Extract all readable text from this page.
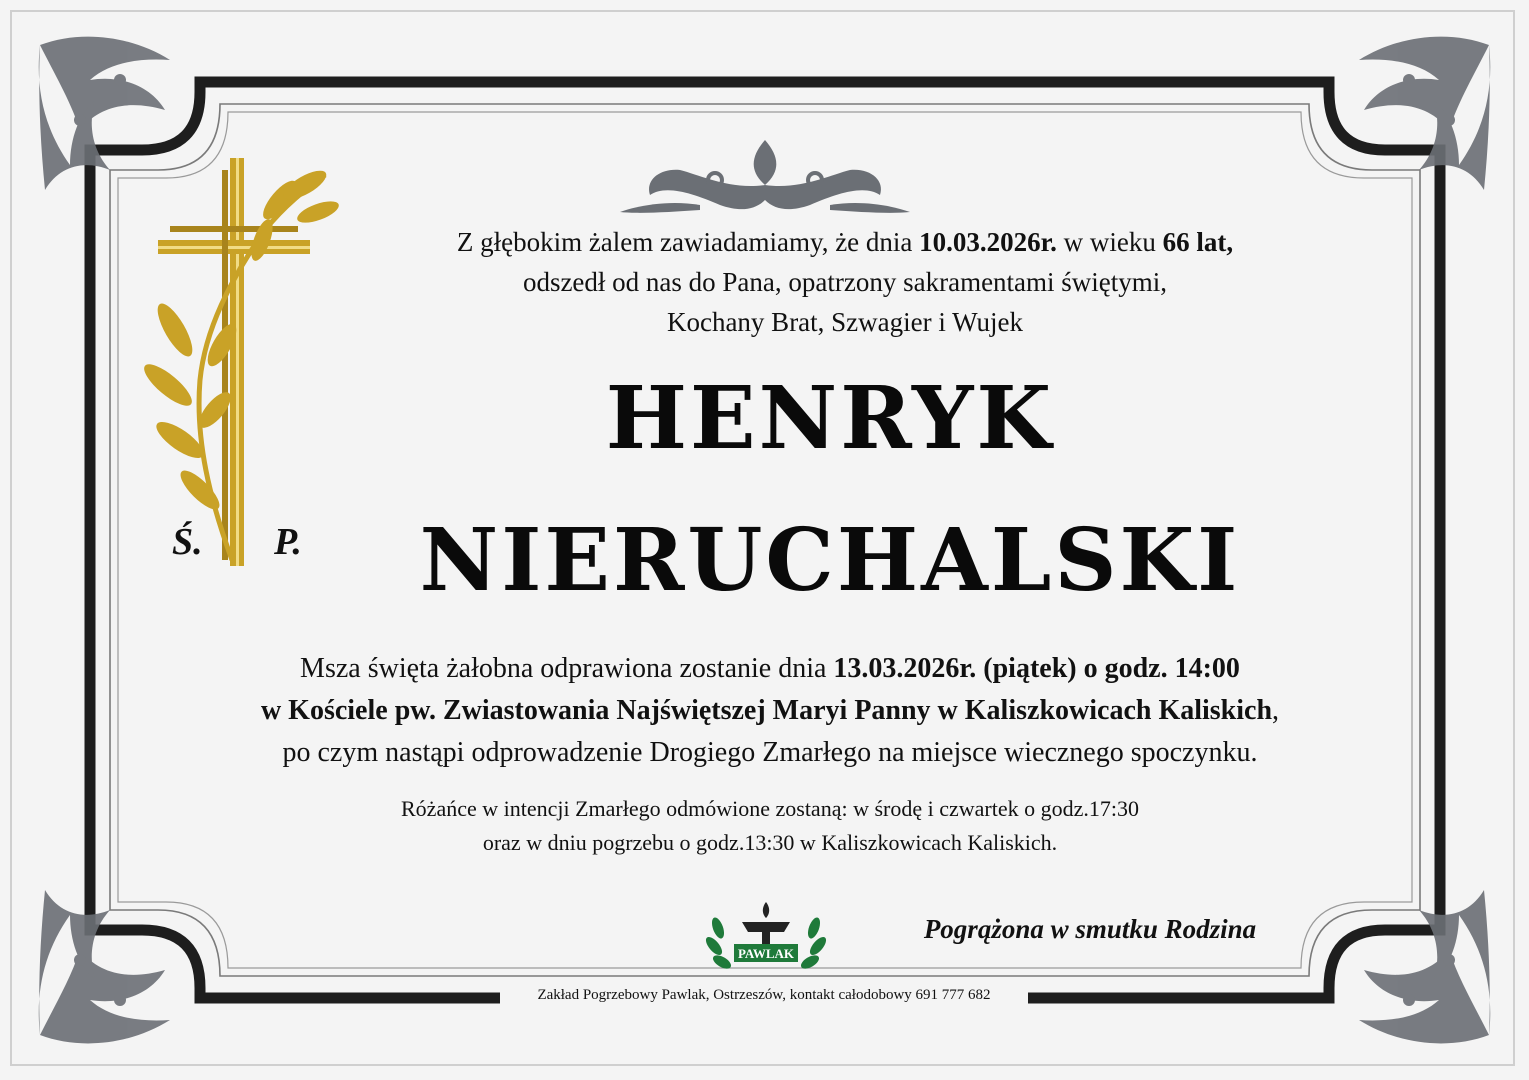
Z głębokim żalem zawiadamiamy, że dnia 10.03.2026r. w wieku 66 lat,
odszedł od nas do Pana, opatrzony sakramentami świętymi,
Kochany Brat, Szwagier i Wujek
Ś. P.
HENRYK
NIERUCHALSKI
Msza święta żałobna odprawiona zostanie dnia 13.03.2026r. (piątek) o godz. 14:00
w Kościele pw. Zwiastowania Najświętszej Maryi Panny w Kaliszkowicach Kaliskich,
po czym nastąpi odprowadzenie Drogiego Zmarłego na miejsce wiecznego spoczynku.
Różańce w intencji Zmarłego odmówione zostaną: w środę i czwartek o godz.17:30
oraz w dniu pogrzebu o godz.13:30 w Kaliszkowicach Kaliskich.
PAWLAK
Pogrążona w smutku Rodzina
Zakład Pogrzebowy Pawlak, Ostrzeszów, kontakt całodobowy 691 777 682
